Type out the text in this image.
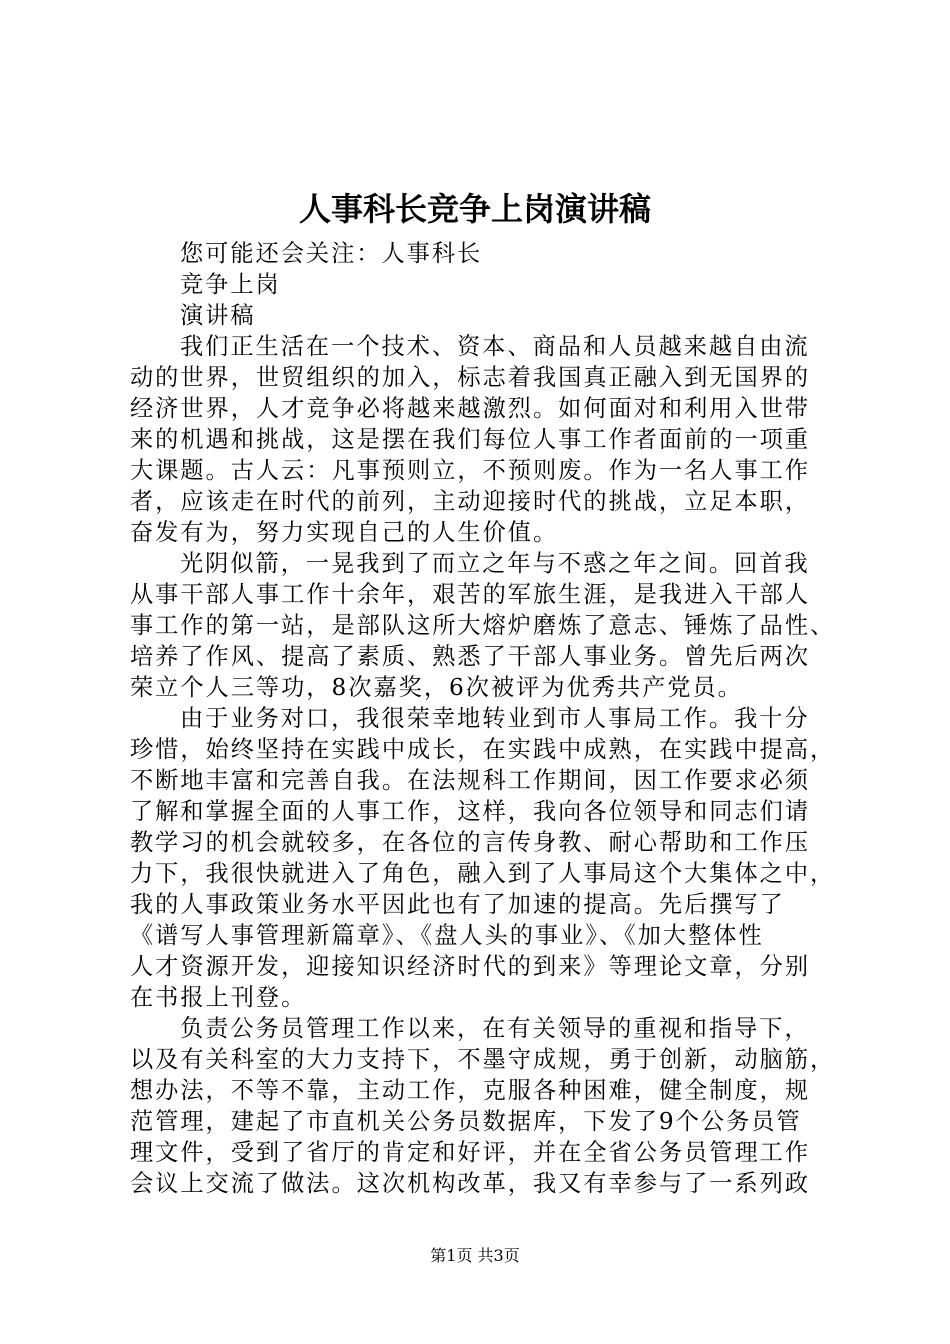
人事科长竞争上岗演讲稿
您可能还会关注：人事科长
竞争上岗
演讲稿
我们正生活在一个技术、资本、商品和人员越来越自由流
动的世界，世贸组织的加入，标志着我国真正融入到无国界的
经济世界，人才竞争必将越来越激烈。如何面对和利用入世带
来的机遇和挑战，这是摆在我们每位人事工作者面前的一项重
大课题。古人云：凡事预则立，不预则废。作为一名人事工作
者，应该走在时代的前列，主动迎接时代的挑战，立足本职，
奋发有为，努力实现自己的人生价值。
光阴似箭，一晃我到了而立之年与不惑之年之间。回首我
从事干部人事工作十余年，艰苦的军旅生涯，是我进入干部人
事工作的第一站，是部队这所大熔炉磨炼了意志、锤炼了品性、
培养了作风、提高了素质、熟悉了干部人事业务。曾先后两次
荣立个人三等功，8次嘉奖，6次被评为优秀共产党员。
由于业务对口，我很荣幸地转业到市人事局工作。我十分
珍惜，始终坚持在实践中成长，在实践中成熟，在实践中提高，
不断地丰富和完善自我。在法规科工作期间，因工作要求必须
了解和掌握全面的人事工作，这样，我向各位领导和同志们请
教学习的机会就较多，在各位的言传身教、耐心帮助和工作压
力下，我很快就进入了角色，融入到了人事局这个大集体之中，
我的人事政策业务水平因此也有了加速的提高。先后撰写了
《谱写人事管理新篇章》、《盘人头的事业》、《加大整体性
人才资源开发，迎接知识经济时代的到来》等理论文章，分别
在书报上刊登。
负责公务员管理工作以来，在有关领导的重视和指导下，
以及有关科室的大力支持下，不墨守成规，勇于创新，动脑筋，
想办法，不等不靠，主动工作，克服各种困难，健全制度，规
范管理，建起了市直机关公务员数据库，下发了9个公务员管
理文件，受到了省厅的肯定和好评，并在全省公务员管理工作
会议上交流了做法。这次机构改革，我又有幸参与了一系列政
第1页 共3页
